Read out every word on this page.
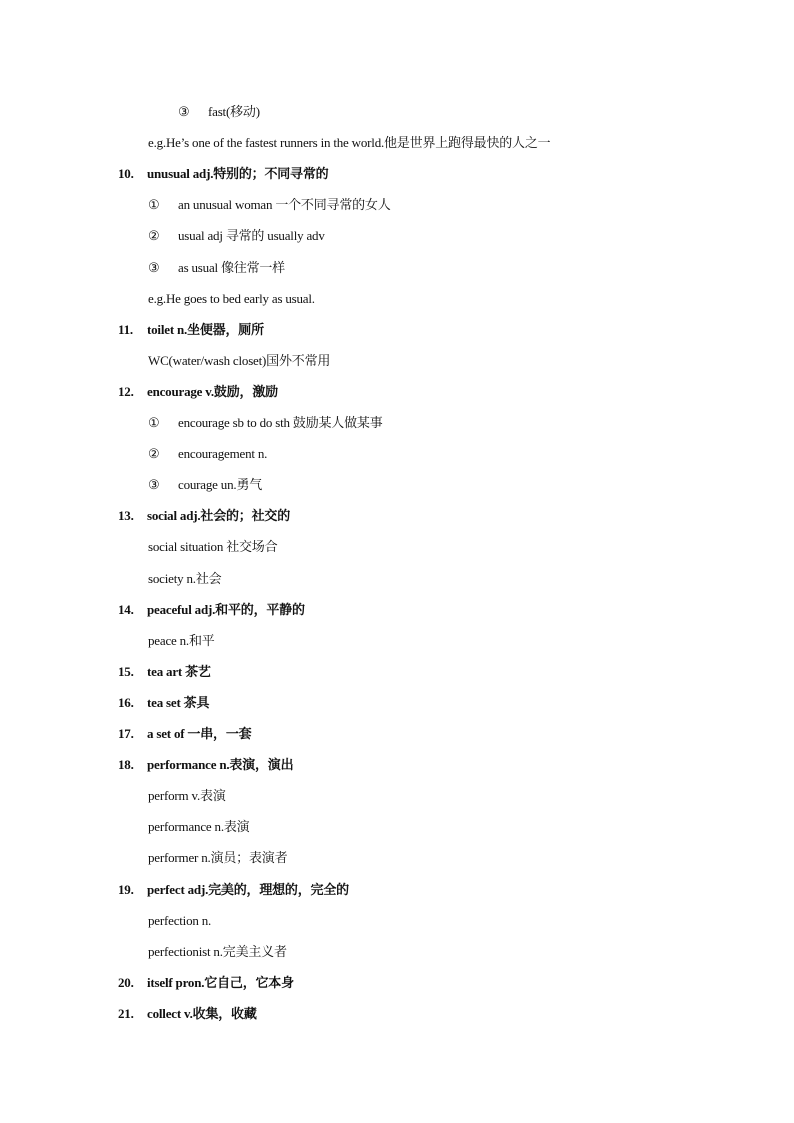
③ fast(移动)
e.g.He’s one of the fastest runners in the world.他是世界上跑得最快的人之一
10. unusual adj.特别的；不同寻常的
① an unusual woman 一个不同寻常的女人
② usual adj 寻常的 usually adv
③ as usual 像往常一样
e.g.He goes to bed early as usual.
11. toilet n.坐便器，厕所
WC(water/wash closet)国外不常用
12. encourage v.鼓励，激励
① encourage sb to do sth 鼓励某人做某事
② encouragement n.
③ courage un.勇气
13. social adj.社会的；社交的
social situation 社交场合
society n.社会
14. peaceful adj.和平的，平静的
peace n.和平
15. tea art 茶艺
16. tea set 茶具
17. a set of 一串，一套
18. performance n.表演，演出
perform v.表演
performance n.表演
performer n.演员；表演者
19. perfect adj.完美的，理想的，完全的
perfection n.
perfectionist n.完美主义者
20. itself pron.它自己，它本身
21. collect v.收集，收藏
